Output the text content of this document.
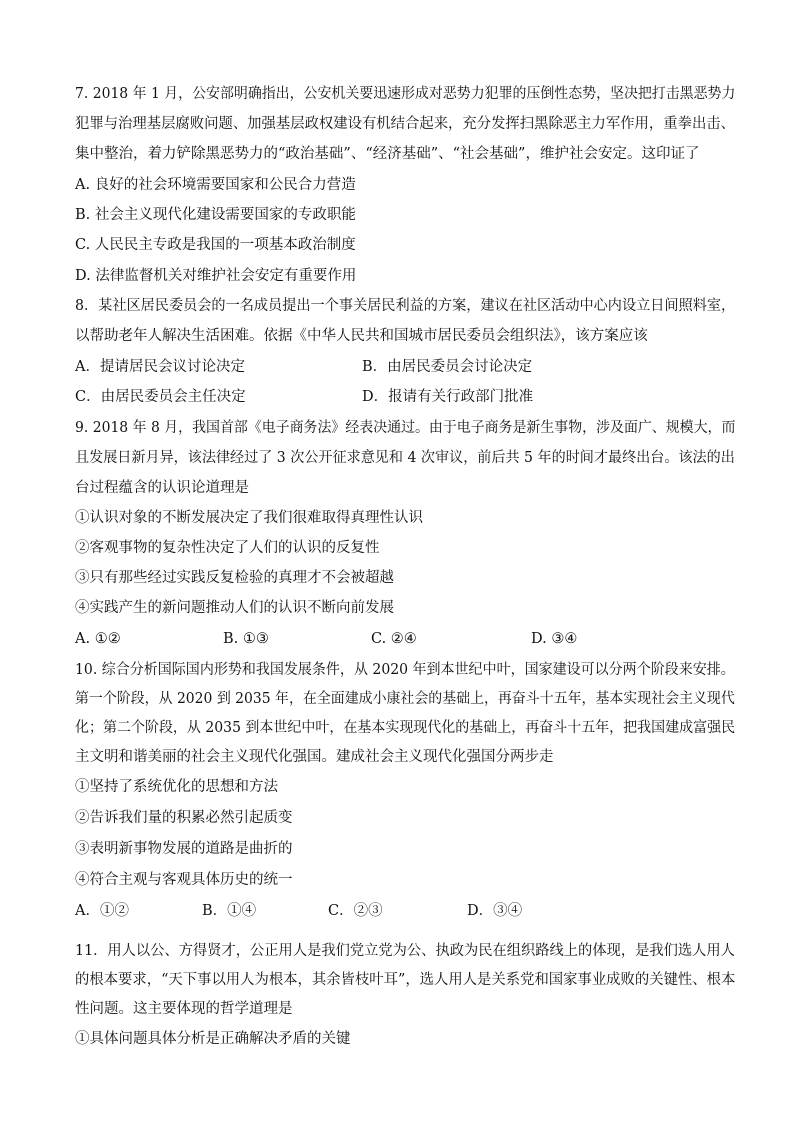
7. 2018 年 1 月，公安部明确指出，公安机关要迅速形成对恶势力犯罪的压倒性态势，坚决把打击黑恶势力
犯罪与治理基层腐败问题、加强基层政权建设有机结合起来，充分发挥扫黑除恶主力军作用，重拳出击、
集中整治，着力铲除黑恶势力的“政治基础”、“经济基础”、“社会基础”，维护社会安定。这印证了
A. 良好的社会环境需要国家和公民合力营造
B. 社会主义现代化建设需要国家的专政职能
C. 人民民主专政是我国的一项基本政治制度
D. 法律监督机关对维护社会安定有重要作用
8．某社区居民委员会的一名成员提出一个事关居民利益的方案，建议在社区活动中心内设立日间照料室，
以帮助老年人解决生活困难。依据《中华人民共和国城市居民委员会组织法》，该方案应该
A．提请居民会议讨论决定	B．由居民委员会讨论决定
C．由居民委员会主任决定	D．报请有关行政部门批准
9. 2018 年 8 月，我国首部《电子商务法》经表决通过。由于电子商务是新生事物，涉及面广、规模大，而
且发展日新月异，该法律经过了 3 次公开征求意见和 4 次审议，前后共 5 年的时间才最终出台。该法的出
台过程蕴含的认识论道理是
①认识对象的不断发展决定了我们很难取得真理性认识
②客观事物的复杂性决定了人们的认识的反复性
③只有那些经过实践反复检验的真理才不会被超越
④实践产生的新问题推动人们的认识不断向前发展
A. ①②	B. ①③	C. ②④	D. ③④
10. 综合分析国际国内形势和我国发展条件，从 2020 年到本世纪中叶，国家建设可以分两个阶段来安排。
第一个阶段，从 2020 到 2035 年，在全面建成小康社会的基础上，再奋斗十五年，基本实现社会主义现代
化；第二个阶段，从 2035 到本世纪中叶，在基本实现现代化的基础上，再奋斗十五年，把我国建成富强民
主文明和谐美丽的社会主义现代化强国。建成社会主义现代化强国分两步走
①坚持了系统优化的思想和方法
②告诉我们量的积累必然引起质变
③表明新事物发展的道路是曲折的
④符合主观与客观具体历史的统一
A．①②	B．①④	C．②③	D．③④
11．用人以公、方得贤才，公正用人是我们党立党为公、执政为民在组织路线上的体现，是我们选人用人
的根本要求，“天下事以用人为根本，其余皆枝叶耳”，选人用人是关系党和国家事业成败的关键性、根本
性问题。这主要体现的哲学道理是
①具体问题具体分析是正确解决矛盾的关键
